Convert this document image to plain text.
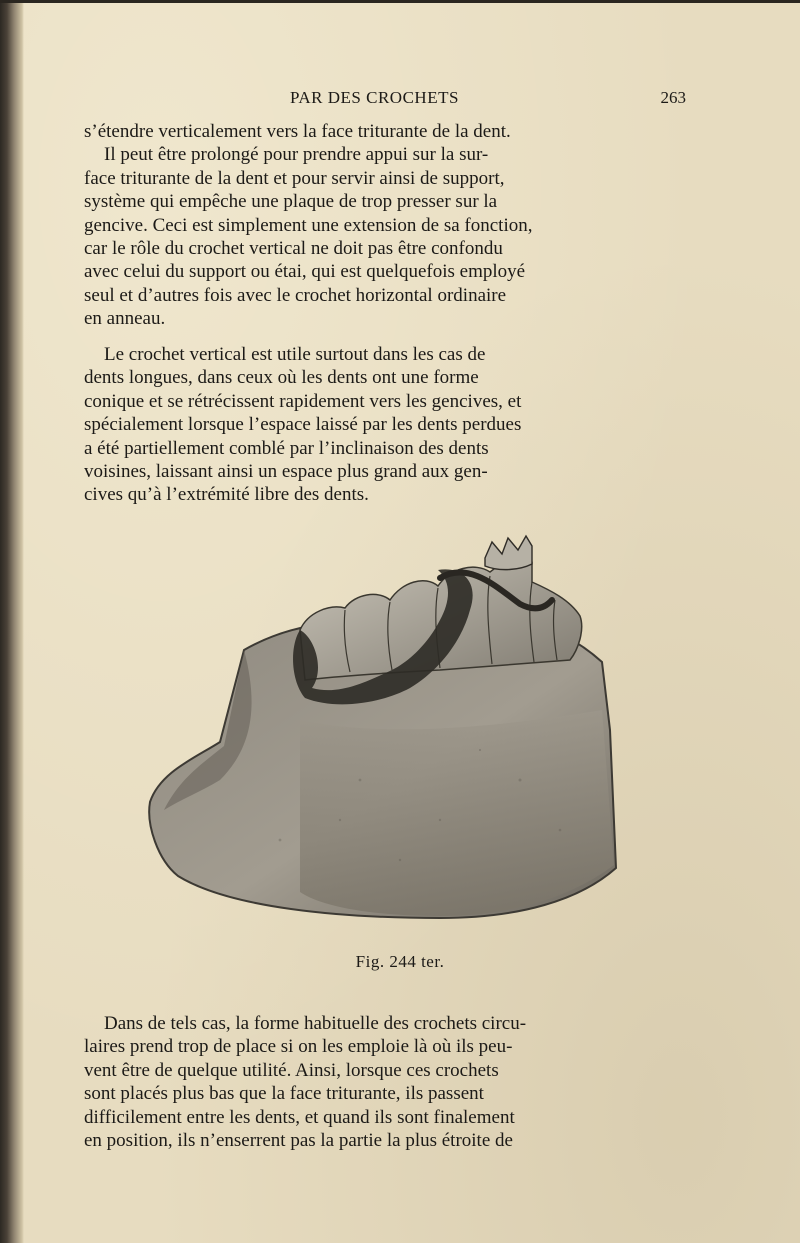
PAR DES CROCHETS	263
s’étendre verticalement vers la face triturante de la dent.
Il peut être prolongé pour prendre appui sur la sur-
face triturante de la dent et pour servir ainsi de support,
système qui empêche une plaque de trop presser sur la
gencive. Ceci est simplement une extension de sa fonction,
car le rôle du crochet vertical ne doit pas être confondu
avec celui du support ou étai, qui est quelquefois employé
seul et d’autres fois avec le crochet horizontal ordinaire
en anneau.
Le crochet vertical est utile surtout dans les cas de
dents longues, dans ceux où les dents ont une forme
conique et se rétrécissent rapidement vers les gencives, et
spécialement lorsque l’espace laissé par les dents perdues
a été partiellement comblé par l’inclinaison des dents
voisines, laissant ainsi un espace plus grand aux gen-
cives qu’à l’extrémité libre des dents.
Fig. 244 ter.
Dans de tels cas, la forme habituelle des crochets circu-
laires prend trop de place si on les emploie là où ils peu-
vent être de quelque utilité. Ainsi, lorsque ces crochets
sont placés plus bas que la face triturante, ils passent
difficilement entre les dents, et quand ils sont finalement
en position, ils n’enserrent pas la partie la plus étroite de
